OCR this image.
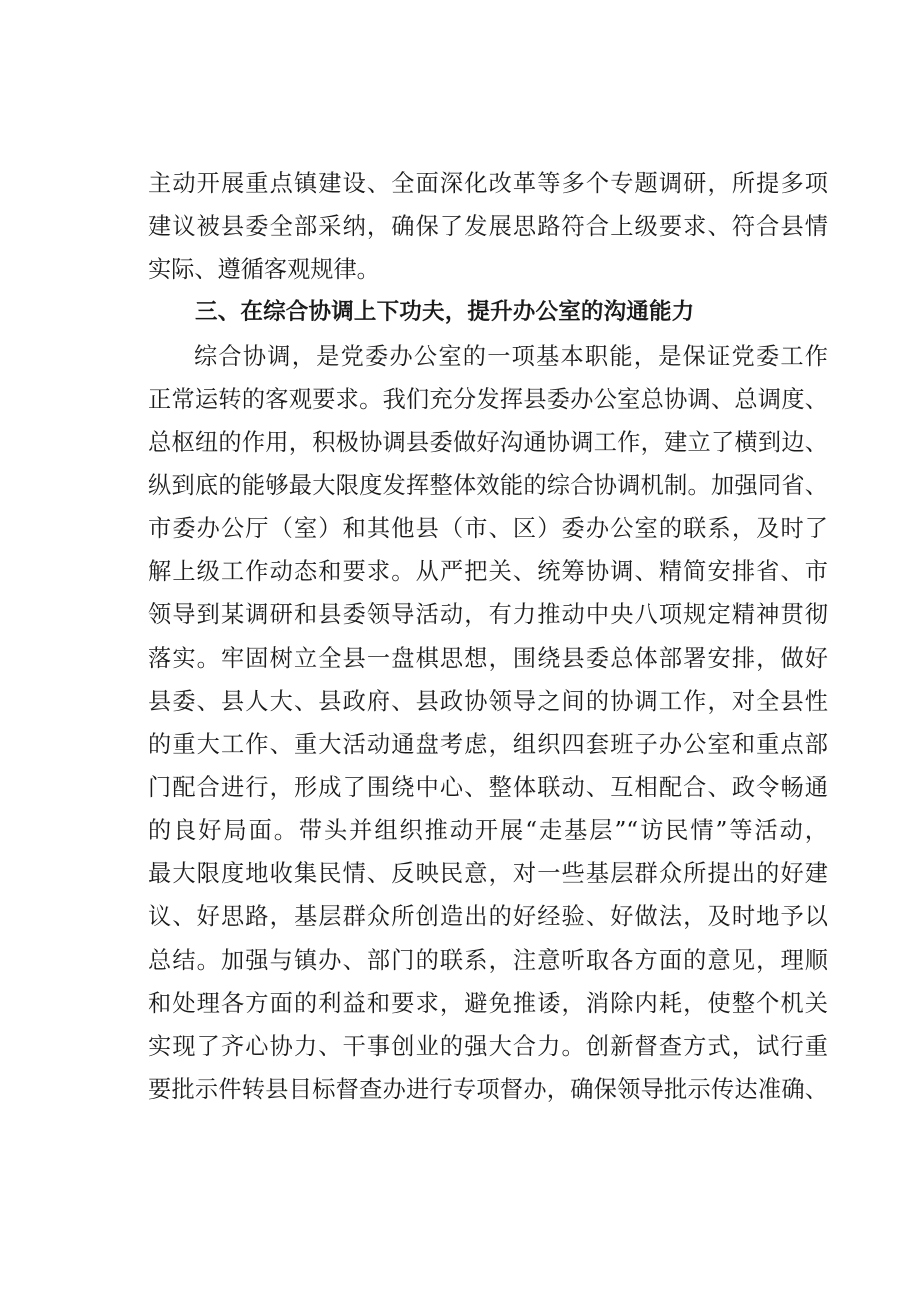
主动开展重点镇建设、全面深化改革等多个专题调研，所提多项
建议被县委全部采纳，确保了发展思路符合上级要求、符合县情
实际、遵循客观规律。
三、在综合协调上下功夫，提升办公室的沟通能力
综合协调，是党委办公室的一项基本职能，是保证党委工作
正常运转的客观要求。我们充分发挥县委办公室总协调、总调度、
总枢纽的作用，积极协调县委做好沟通协调工作，建立了横到边、
纵到底的能够最大限度发挥整体效能的综合协调机制。加强同省、
市委办公厅（室）和其他县（市、区）委办公室的联系，及时了
解上级工作动态和要求。从严把关、统筹协调、精简安排省、市
领导到某调研和县委领导活动，有力推动中央八项规定精神贯彻
落实。牢固树立全县一盘棋思想，围绕县委总体部署安排，做好
县委、县人大、县政府、县政协领导之间的协调工作，对全县性
的重大工作、重大活动通盘考虑，组织四套班子办公室和重点部
门配合进行，形成了围绕中心、整体联动、互相配合、政令畅通
的良好局面。带头并组织推动开展“走基层”“访民情”等活动，
最大限度地收集民情、反映民意，对一些基层群众所提出的好建
议、好思路，基层群众所创造出的好经验、好做法，及时地予以
总结。加强与镇办、部门的联系，注意听取各方面的意见，理顺
和处理各方面的利益和要求，避免推诿，消除内耗，使整个机关
实现了齐心协力、干事创业的强大合力。创新督查方式，试行重
要批示件转县目标督查办进行专项督办，确保领导批示传达准确、
